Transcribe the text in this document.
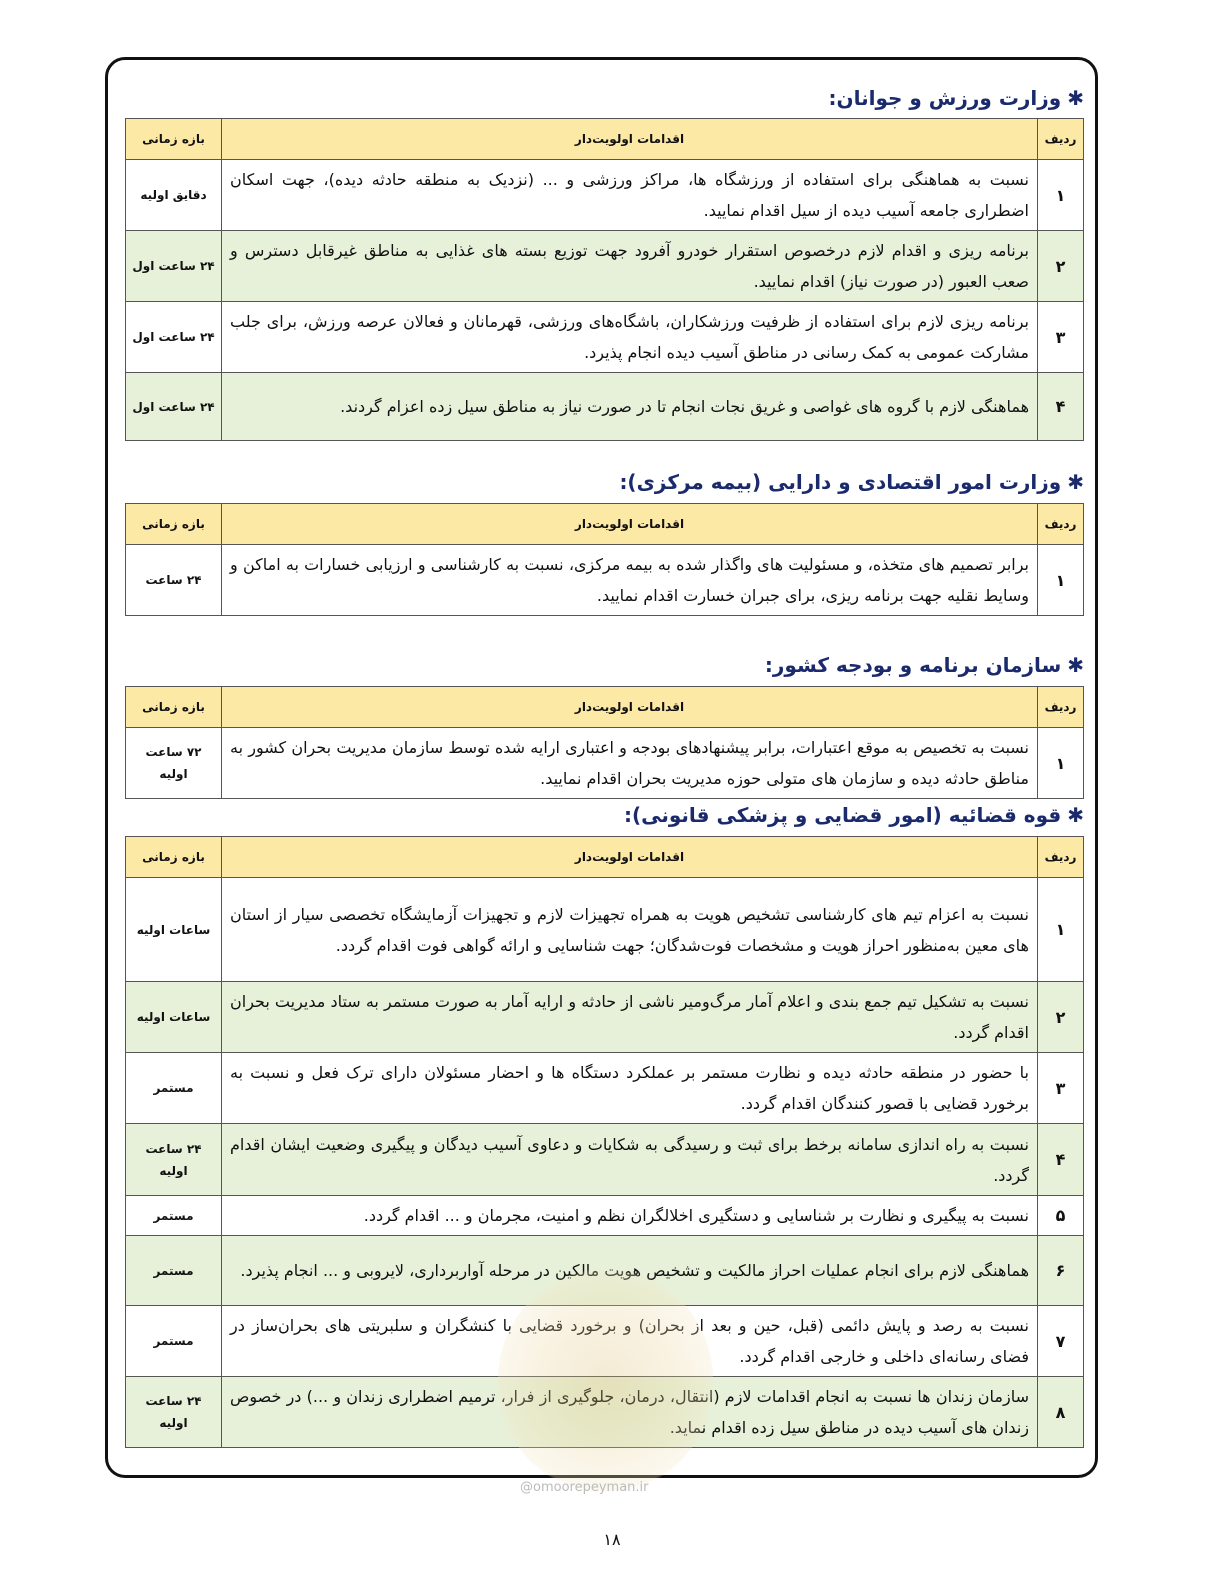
✱وزارت ورزش و جوانان:
ردیف	اقدامات اولویت‌دار	بازه زمانی
۱	نسبت به هماهنگی برای استفاده از ورزشگاه ها، مراکز ورزشی و ... (نزدیک به منطقه حادثه دیده)، جهت اسکان اضطراری جامعه آسیب دیده از سیل اقدام نمایید.	دقایق اولیه
۲	برنامه ریزی و اقدام لازم درخصوص استقرار خودرو آفرود جهت توزیع بسته های غذایی به مناطق غیرقابل دسترس و صعب العبور (در صورت نیاز) اقدام نمایید.	۲۴ ساعت اول
۳	برنامه ریزی لازم برای استفاده از ظرفیت ورزشکاران، باشگاه‌های ورزشی، قهرمانان و فعالان عرصه ورزش، برای جلب مشارکت عمومی به کمک رسانی در مناطق آسیب دیده انجام پذیرد.	۲۴ ساعت اول
۴	هماهنگی لازم با گروه های غواصی و غریق نجات انجام تا در صورت نیاز به مناطق سیل زده اعزام گردند.	۲۴ ساعت اول
✱وزارت امور اقتصادی و دارایی (بیمه مرکزی):
ردیف	اقدامات اولویت‌دار	بازه زمانی
۱	برابر تصمیم های متخذه، و مسئولیت های واگذار شده به بیمه مرکزی، نسبت به کارشناسی و ارزیابی خسارات به اماکن و وسایط نقلیه جهت برنامه ریزی، برای جبران خسارت اقدام نمایید.	۲۴ ساعت
✱سازمان برنامه و بودجه کشور:
ردیف	اقدامات اولویت‌دار	بازه زمانی
۱	نسبت به تخصیص به موقع اعتبارات، برابر پیشنهادهای بودجه و اعتباری ارایه شده توسط سازمان مدیریت بحران کشور به مناطق حادثه دیده و سازمان های متولی حوزه مدیریت بحران اقدام نمایید.	۷۲ ساعت اولیه
✱قوه قضائیه (امور قضایی و پزشکی قانونی):
ردیف	اقدامات اولویت‌دار	بازه زمانی
۱	نسبت به اعزام تیم های کارشناسی تشخیص هویت به همراه تجهیزات لازم و تجهیزات آزمایشگاه تخصصی سیار از استان های معین به‌منظور احراز هویت و مشخصات فوت‌شدگان؛ جهت شناسایی و ارائه گواهی فوت اقدام گردد.	ساعات اولیه
۲	نسبت به تشکیل تیم جمع بندی و اعلام آمار مرگ‌ومیر ناشی از حادثه و ارایه آمار به صورت مستمر به ستاد مدیریت بحران اقدام گردد.	ساعات اولیه
۳	با حضور در منطقه حادثه دیده و نظارت مستمر بر عملکرد دستگاه ها و احضار مسئولان دارای ترک فعل و نسبت به برخورد قضایی با قصور کنندگان اقدام گردد.	مستمر
۴	نسبت به راه اندازی سامانه برخط برای ثبت و رسیدگی به شکایات و دعاوی آسیب دیدگان و پیگیری وضعیت ایشان اقدام گردد.	۲۴ ساعت اولیه
۵	نسبت به پیگیری و نظارت بر شناسایی و دستگیری اخلالگران نظم و امنیت، مجرمان و ... اقدام گردد.	مستمر
۶	هماهنگی لازم برای انجام عملیات احراز مالکیت و تشخیص هویت مالکین در مرحله آواربرداری، لایروبی و ... انجام پذیرد.	مستمر
۷	نسبت به رصد و پایش دائمی (قبل، حین و بعد از بحران) و برخورد قضایی با کنشگران و سلبریتی های بحران‌ساز در فضای رسانه‌ای داخلی و خارجی اقدام گردد.	مستمر
۸	سازمان زندان ها نسبت به انجام اقدامات لازم (انتقال، درمان، جلوگیری از فرار، ترمیم اضطراری زندان و ...) در خصوص زندان های آسیب دیده در مناطق سیل زده اقدام نماید.	۲۴ ساعت اولیه
@omoorepeyman.ir
۱۸
